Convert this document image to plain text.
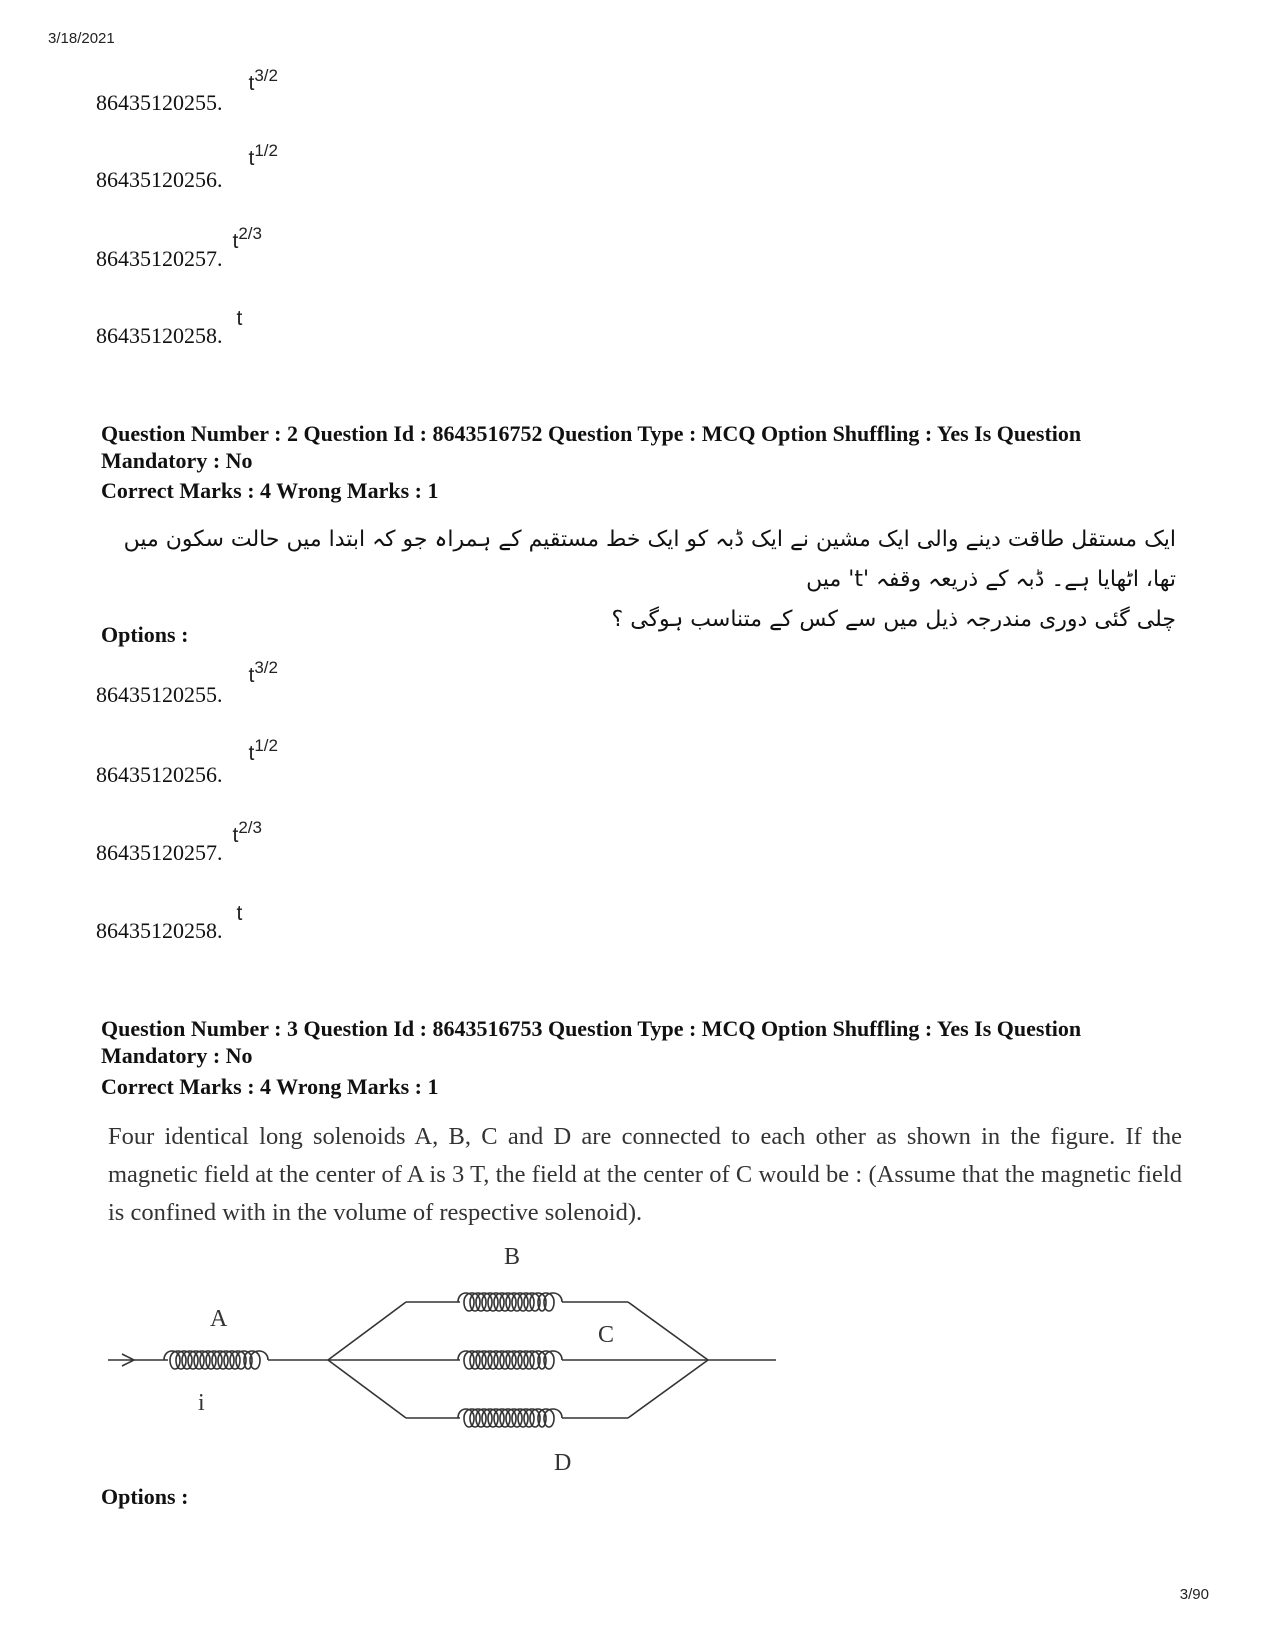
3/18/2021
86435120255. $t^{3/2}$
86435120256. $t^{1/2}$
86435120257. $t^{2/3}$
86435120258. t
Question Number : 2 Question Id : 8643516752 Question Type : MCQ Option Shuffling : Yes Is Question Mandatory : No
Correct Marks : 4 Wrong Marks : 1
ایک مستقل طاقت دینے والی ایک مشین نے ایک ڈبہ کو ایک خط مستقیم کے ہمراہ جو کہ ابتدا میں حالت سکون میں تھا، اٹھایا ہے۔ ڈبہ کے ذریعہ وقفہ 't' میں
چلی گئی دوری مندرجہ ذیل میں سے کس کے متناسب ہوگی ؟
Options :
86435120255. $t^{3/2}$
86435120256. $t^{1/2}$
86435120257. $t^{2/3}$
86435120258. t
Question Number : 3 Question Id : 8643516753 Question Type : MCQ Option Shuffling : Yes Is Question Mandatory : No
Correct Marks : 4 Wrong Marks : 1
Four identical long solenoids A, B, C and D are connected to each other as shown in the figure. If the magnetic field at the center of A is 3 T, the field at the center of C would be : (Assume that the magnetic field is confined with in the volume of respective solenoid).
A
B
C
D
i
Options :
3/90
